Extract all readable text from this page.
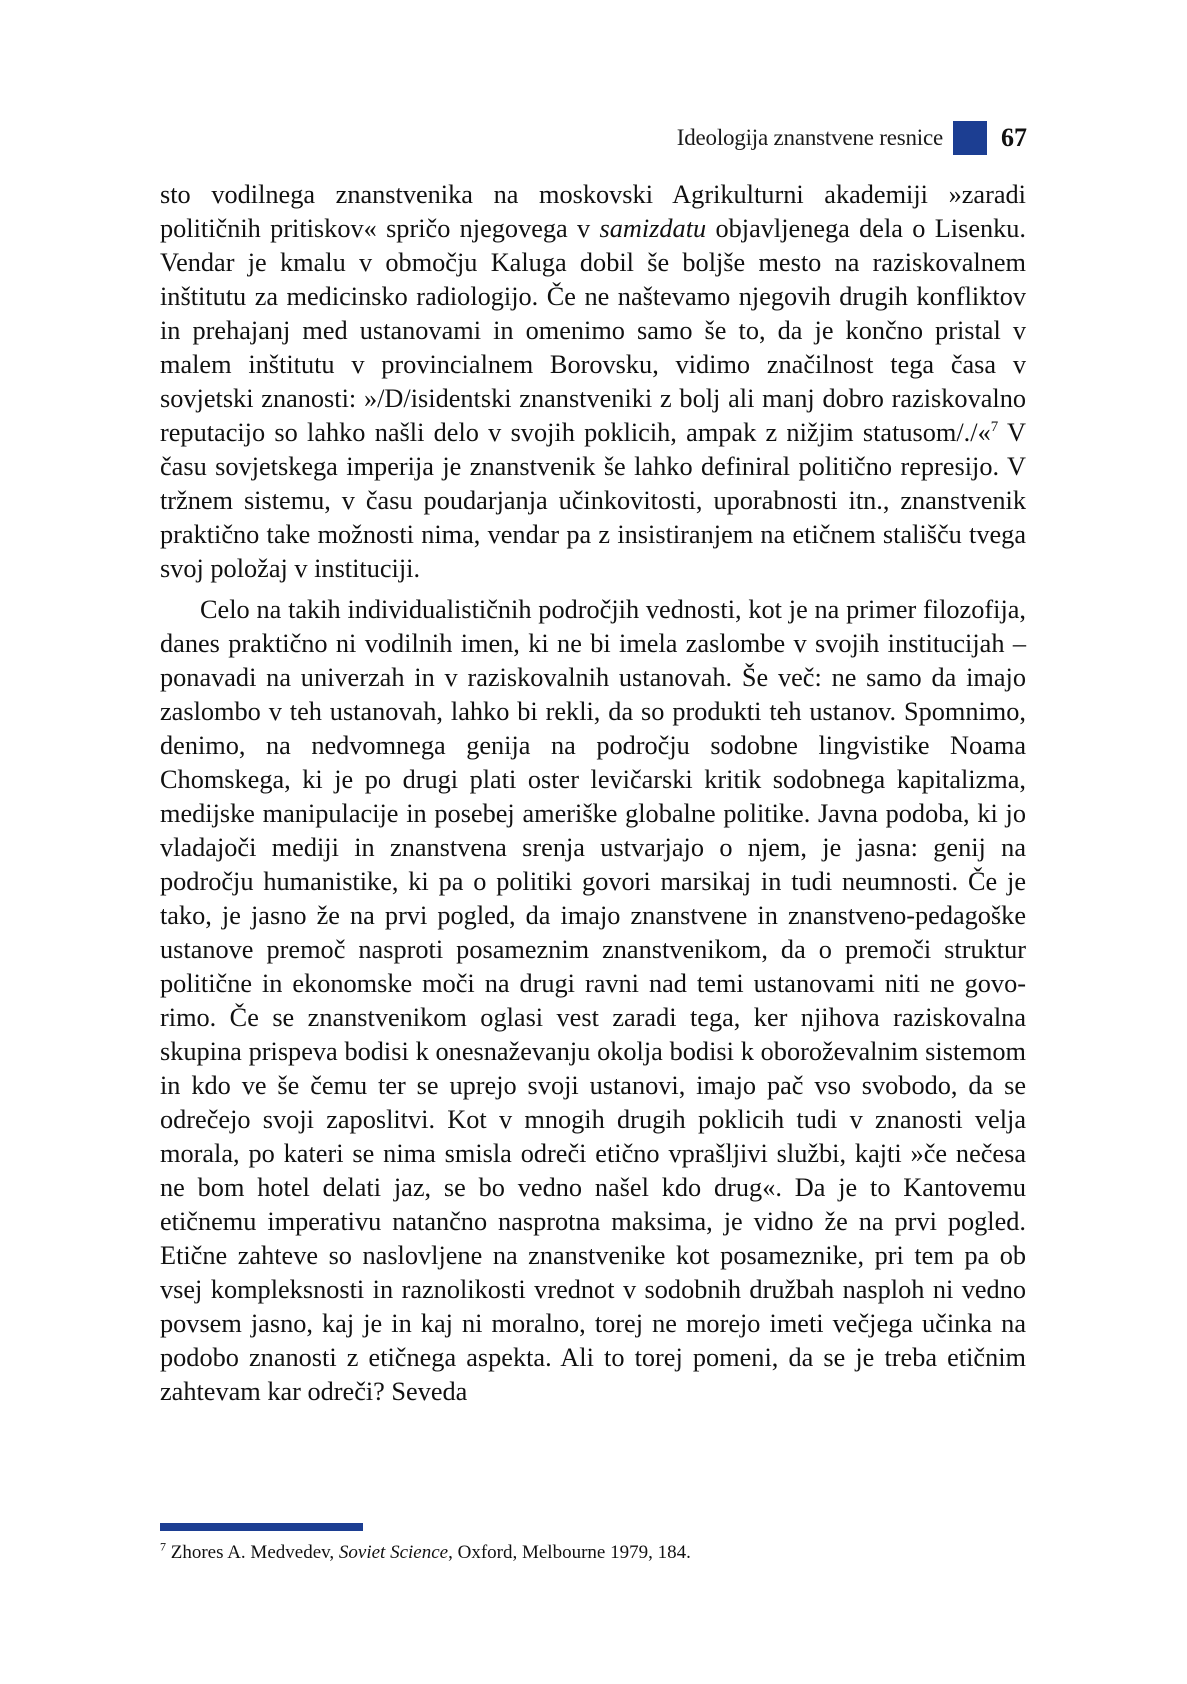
Ideologija znanstvene resnice 67

sto vodilnega znanstvenika na moskovski Agrikulturni akademiji »zaradi političnih pritiskov« spričo njegovega v samizdatu objavljenega dela o Lisenku. Vendar je kmalu v območju Kaluga dobil še boljše mesto na raziskovalnem inštitutu za medicinsko radiologijo. Če ne naštevamo njegovih drugih konfliktov in prehajanj med ustanovami in omenimo samo še to, da je končno pristal v malem inštitutu v provincialnem Borovsku, vidimo značilnost tega časa v sovjetski znanosti: »/D/isidentski znanstveniki z bolj ali manj dobro raziskovalno reputacijo so lahko našli delo v svojih poklicih, ampak z nižjim statusom/./«$^7$ V času sovjetskega imperija je znanstvenik še lahko definiral politično represijo. V tržnem sistemu, v času poudarjanja učinkovitosti, uporabnosti itn., znanstvenik praktično take možnosti nima, vendar pa z insistiranjem na etičnem stališču tvega svoj položaj v instituciji.

Celo na takih individualističnih področjih vednosti, kot je na primer filozofija, danes praktično ni vodilnih imen, ki ne bi imela zaslombe v svojih institucijah – ponavadi na univerzah in v raziskovalnih ustanovah. Še več: ne samo da imajo zaslombo v teh ustanovah, lahko bi rekli, da so produkti teh ustanov. Spomnimo, denimo, na nedvomnega genija na področju sodobne lingvistike Noama Chomskega, ki je po drugi plati oster levičarski kritik sodobnega kapitalizma, medijske manipulacije in posebej ameriške globalne politike. Javna podoba, ki jo vladajoči mediji in znanstvena srenja ustvarjajo o njem, je jasna: genij na področju humanistike, ki pa o politiki govori marsikaj in tudi neumnosti. Če je tako, je jasno že na prvi pogled, da imajo znanstvene in znanstveno-pedagoške ustanove premoč nasproti posameznim znanstvenikom, da o premoči struktur politične in ekonomske moči na drugi ravni nad temi ustanovami niti ne govorimo. Če se znanstvenikom oglasi vest zaradi tega, ker njihova raziskovalna skupina prispeva bodisi k onesnaževanju okolja bodisi k oboroževalnim sistemom in kdo ve še čemu ter se uprejo svoji ustanovi, imajo pač vso svobodo, da se odrečejo svoji zaposlitvi. Kot v mnogih drugih poklicih tudi v znanosti velja morala, po kateri se nima smisla odreči etično vprašljivi službi, kajti »če nečesa ne bom hotel delati jaz, se bo vedno našel kdo drug«. Da je to Kantovemu etičnemu imperativu natančno nasprotna maksima, je vidno že na prvi pogled. Etične zahteve so naslovljene na znanstvenike kot posameznike, pri tem pa ob vsej kompleksnosti in raznolikosti vrednot v sodobnih družbah nasploh ni vedno povsem jasno, kaj je in kaj ni moralno, torej ne morejo imeti večjega učinka na podobo znanosti z etičnega aspekta. Ali to torej pomeni, da se je treba etičnim zahtevam kar odreči? Seveda

$^7$ Zhores A. Medvedev, Soviet Science, Oxford, Melbourne 1979, 184.
